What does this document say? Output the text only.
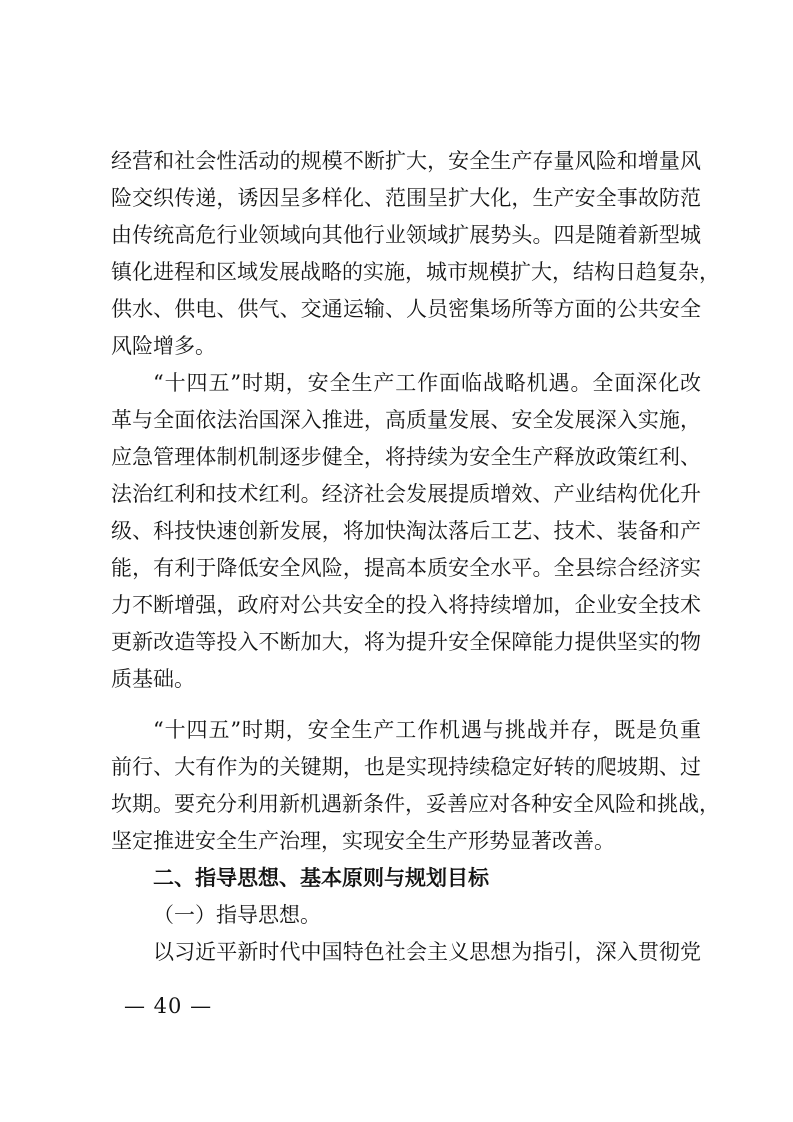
经营和社会性活动的规模不断扩大，安全生产存量风险和增量风
险交织传递，诱因呈多样化、范围呈扩大化，生产安全事故防范
由传统高危行业领域向其他行业领域扩展势头。四是随着新型城
镇化进程和区域发展战略的实施，城市规模扩大，结构日趋复杂，
供水、供电、供气、交通运输、人员密集场所等方面的公共安全
风险增多。
“十四五”时期，安全生产工作面临战略机遇。全面深化改
革与全面依法治国深入推进，高质量发展、安全发展深入实施，
应急管理体制机制逐步健全，将持续为安全生产释放政策红利、
法治红利和技术红利。经济社会发展提质增效、产业结构优化升
级、科技快速创新发展，将加快淘汰落后工艺、技术、装备和产
能，有利于降低安全风险，提高本质安全水平。全县综合经济实
力不断增强，政府对公共安全的投入将持续增加，企业安全技术
更新改造等投入不断加大，将为提升安全保障能力提供坚实的物
质基础。
“十四五”时期，安全生产工作机遇与挑战并存，既是负重
前行、大有作为的关键期，也是实现持续稳定好转的爬坡期、过
坎期。要充分利用新机遇新条件，妥善应对各种安全风险和挑战，
坚定推进安全生产治理，实现安全生产形势显著改善。
二、指导思想、基本原则与规划目标
（一）指导思想。
以习近平新时代中国特色社会主义思想为指引，深入贯彻党
— 40 —
